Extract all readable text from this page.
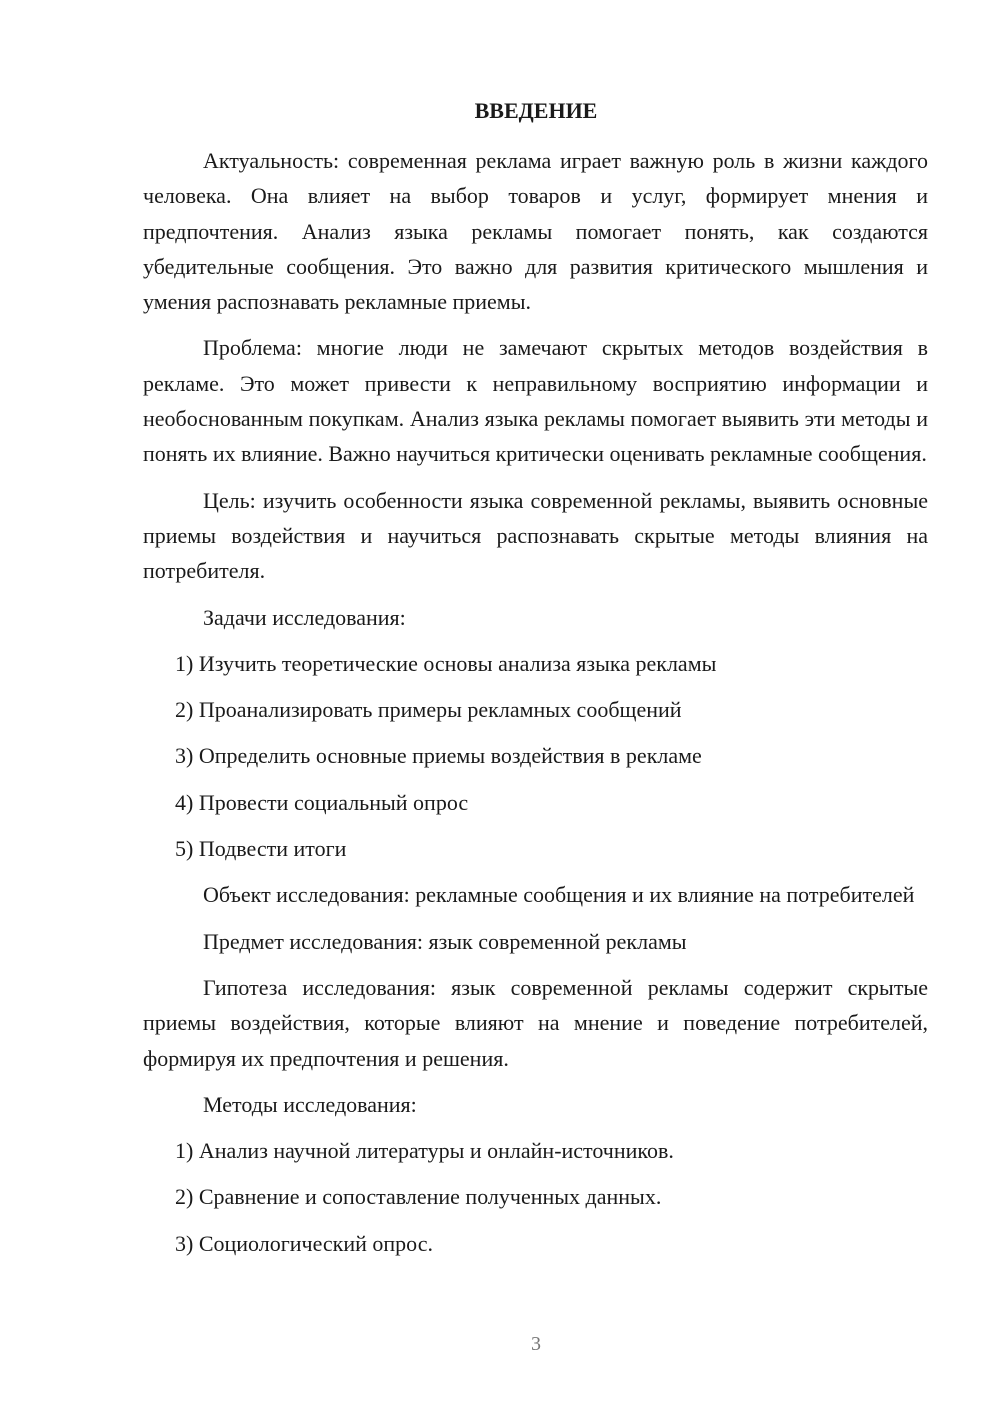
ВВЕДЕНИЕ

Актуальность: современная реклама играет важную роль в жизни каждого человека. Она влияет на выбор товаров и услуг, формирует мнения и предпочтения. Анализ языка рекламы помогает понять, как создаются убедительные сообщения. Это важно для развития критического мышления и умения распознавать рекламные приемы.

Проблема: многие люди не замечают скрытых методов воздействия в рекламе. Это может привести к неправильному восприятию информации и необоснованным покупкам. Анализ языка рекламы помогает выявить эти методы и понять их влияние. Важно научиться критически оценивать рекламные сообщения.

Цель: изучить особенности языка современной рекламы, выявить основные приемы воздействия и научиться распознавать скрытые методы влияния на потребителя.

Задачи исследования:
1) Изучить теоретические основы анализа языка рекламы
2) Проанализировать примеры рекламных сообщений
3) Определить основные приемы воздействия в рекламе
4) Провести социальный опрос
5) Подвести итоги

Объект исследования: рекламные сообщения и их влияние на потребителей

Предмет исследования: язык современной рекламы

Гипотеза исследования: язык современной рекламы содержит скрытые приемы воздействия, которые влияют на мнение и поведение потребителей, формируя их предпочтения и решения.

Методы исследования:
1) Анализ научной литературы и онлайн-источников.
2) Сравнение и сопоставление полученных данных.
3) Социологический опрос.
3
